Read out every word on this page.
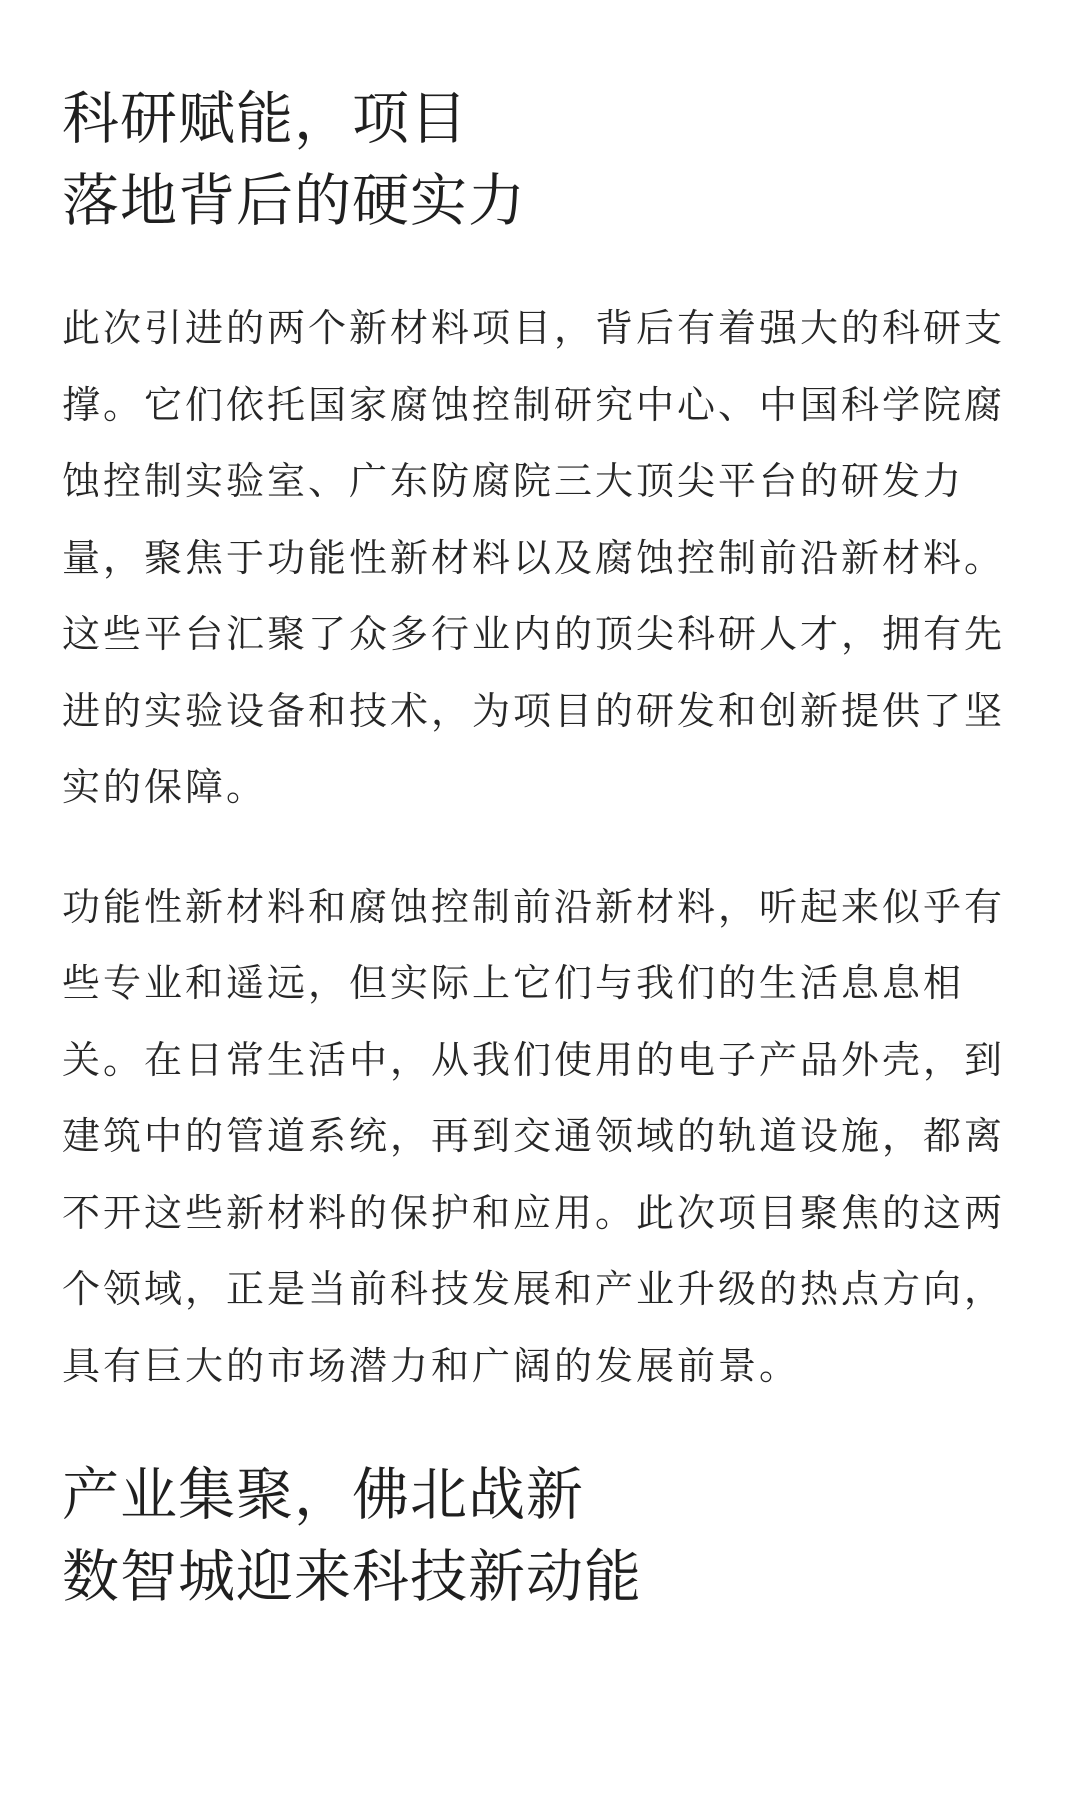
科研赋能，项目
落地背后的硬实力

此次引进的两个新材料项目，背后有着强大的科研支撑。它们依托国家腐蚀控制研究中心、中国科学院腐蚀控制实验室、广东防腐院三大顶尖平台的研发力量，聚焦于功能性新材料以及腐蚀控制前沿新材料。这些平台汇聚了众多行业内的顶尖科研人才，拥有先进的实验设备和技术，为项目的研发和创新提供了坚实的保障。

功能性新材料和腐蚀控制前沿新材料，听起来似乎有些专业和遥远，但实际上它们与我们的生活息息相关。在日常生活中，从我们使用的电子产品外壳，到建筑中的管道系统，再到交通领域的轨道设施，都离不开这些新材料的保护和应用。此次项目聚焦的这两个领域，正是当前科技发展和产业升级的热点方向，具有巨大的市场潜力和广阔的发展前景。

产业集聚，佛北战新
数智城迎来科技新动能
